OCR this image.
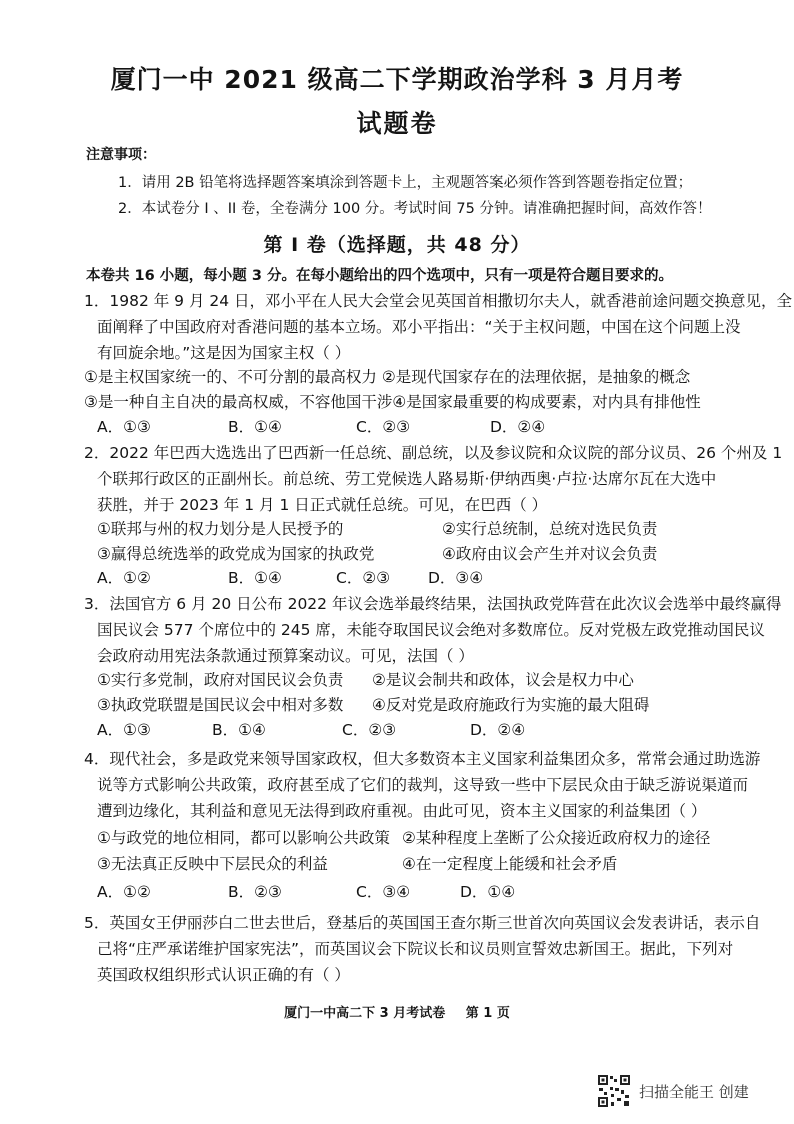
厦门一中 2021 级高二下学期政治学科 3 月月考
试题卷
注意事项：
1．请用 2B 铅笔将选择题答案填涂到答题卡上，主观题答案必须作答到答题卷指定位置；
2．本试卷分 I 、II 卷，全卷满分 100 分。考试时间 75 分钟。请准确把握时间，高效作答！
第 I 卷（选择题，共 48 分）
本卷共 16 小题，每小题 3 分。在每小题给出的四个选项中，只有一项是符合题目要求的。
1．1982 年 9 月 24 日，邓小平在人民大会堂会见英国首相撒切尔夫人，就香港前途问题交换意见，全
面阐释了中国政府对香港问题的基本立场。邓小平指出：“关于主权问题，中国在这个问题上没
有回旋余地。”这是因为国家主权（ ）
①是主权国家统一的、不可分割的最高权力 ②是现代国家存在的法理依据，是抽象的概念
③是一种自主自决的最高权威，不容他国干涉④是国家最重要的构成要素，对内具有排他性
A．①③	B．①④	C．②③	D．②④
2．2022 年巴西大选选出了巴西新一任总统、副总统，以及参议院和众议院的部分议员、26 个州及 1
个联邦行政区的正副州长。前总统、劳工党候选人路易斯·伊纳西奥·卢拉·达席尔瓦在大选中
获胜，并于 2023 年 1 月 1 日正式就任总统。可见，在巴西（ ）
①联邦与州的权力划分是人民授予的	②实行总统制，总统对选民负责
③赢得总统选举的政党成为国家的执政党	④政府由议会产生并对议会负责
A．①②	B．①④	C．②③ D．③④
3．法国官方 6 月 20 日公布 2022 年议会选举最终结果，法国执政党阵营在此次议会选举中最终赢得
国民议会 577 个席位中的 245 席，未能夺取国民议会绝对多数席位。反对党极左政党推动国民议
会政府动用宪法条款通过预算案动议。可见，法国（ ）
①实行多党制，政府对国民议会负责 ②是议会制共和政体，议会是权力中心
③执政党联盟是国民议会中相对多数 ④反对党是政府施政行为实施的最大阻碍
A．①③	B．①④	C．②③	D．②④
4．现代社会，多是政党来领导国家政权，但大多数资本主义国家利益集团众多，常常会通过助选游
说等方式影响公共政策，政府甚至成了它们的裁判，这导致一些中下层民众由于缺乏游说渠道而
遭到边缘化，其利益和意见无法得到政府重视。由此可见，资本主义国家的利益集团（ ）
①与政党的地位相同，都可以影响公共政策 ②某种程度上垄断了公众接近政府权力的途径
③无法真正反映中下层民众的利益	④在一定程度上能缓和社会矛盾
A．①②	B．②③	C．③④	D．①④
5．英国女王伊丽莎白二世去世后，登基后的英国国王查尔斯三世首次向英国议会发表讲话，表示自
己将“庄严承诺维护国家宪法”，而英国议会下院议长和议员则宣誓效忠新国王。据此，下列对
英国政权组织形式认识正确的有（ ）
厦门一中高二下 3 月考试卷 第 1 页
扫描全能王 创建
